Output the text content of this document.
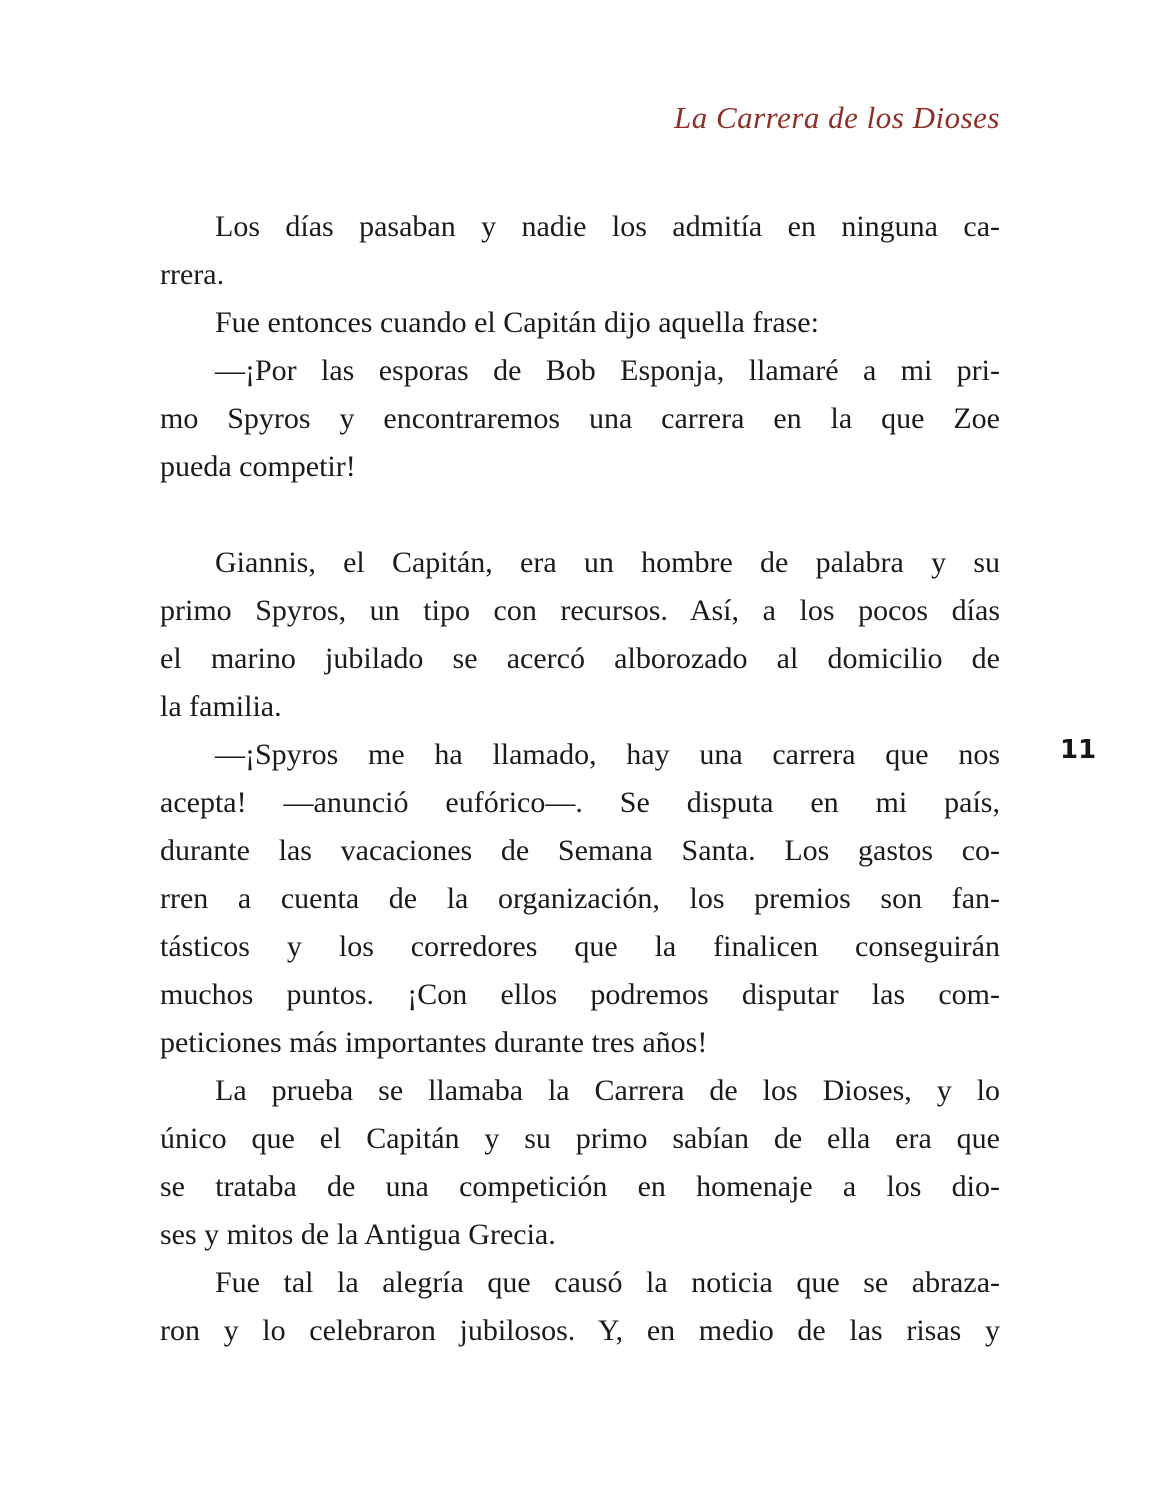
La Carrera de los Dioses
Los días pasaban y nadie los admitía en ninguna ca-
rrera.
Fue entonces cuando el Capitán dijo aquella frase:
—¡Por las esporas de Bob Esponja, llamaré a mi pri-
mo Spyros y encontraremos una carrera en la que Zoe
pueda competir!
Giannis, el Capitán, era un hombre de palabra y su
primo Spyros, un tipo con recursos. Así, a los pocos días
el marino jubilado se acercó alborozado al domicilio de
la familia.
—¡Spyros me ha llamado, hay una carrera que nos
acepta! —anunció eufórico—. Se disputa en mi país,
durante las vacaciones de Semana Santa. Los gastos co-
rren a cuenta de la organización, los premios son fan-
tásticos y los corredores que la finalicen conseguirán
muchos puntos. ¡Con ellos podremos disputar las com-
peticiones más importantes durante tres años!
La prueba se llamaba la Carrera de los Dioses, y lo
único que el Capitán y su primo sabían de ella era que
se trataba de una competición en homenaje a los dio-
ses y mitos de la Antigua Grecia.
Fue tal la alegría que causó la noticia que se abraza-
ron y lo celebraron jubilosos. Y, en medio de las risas y
11
